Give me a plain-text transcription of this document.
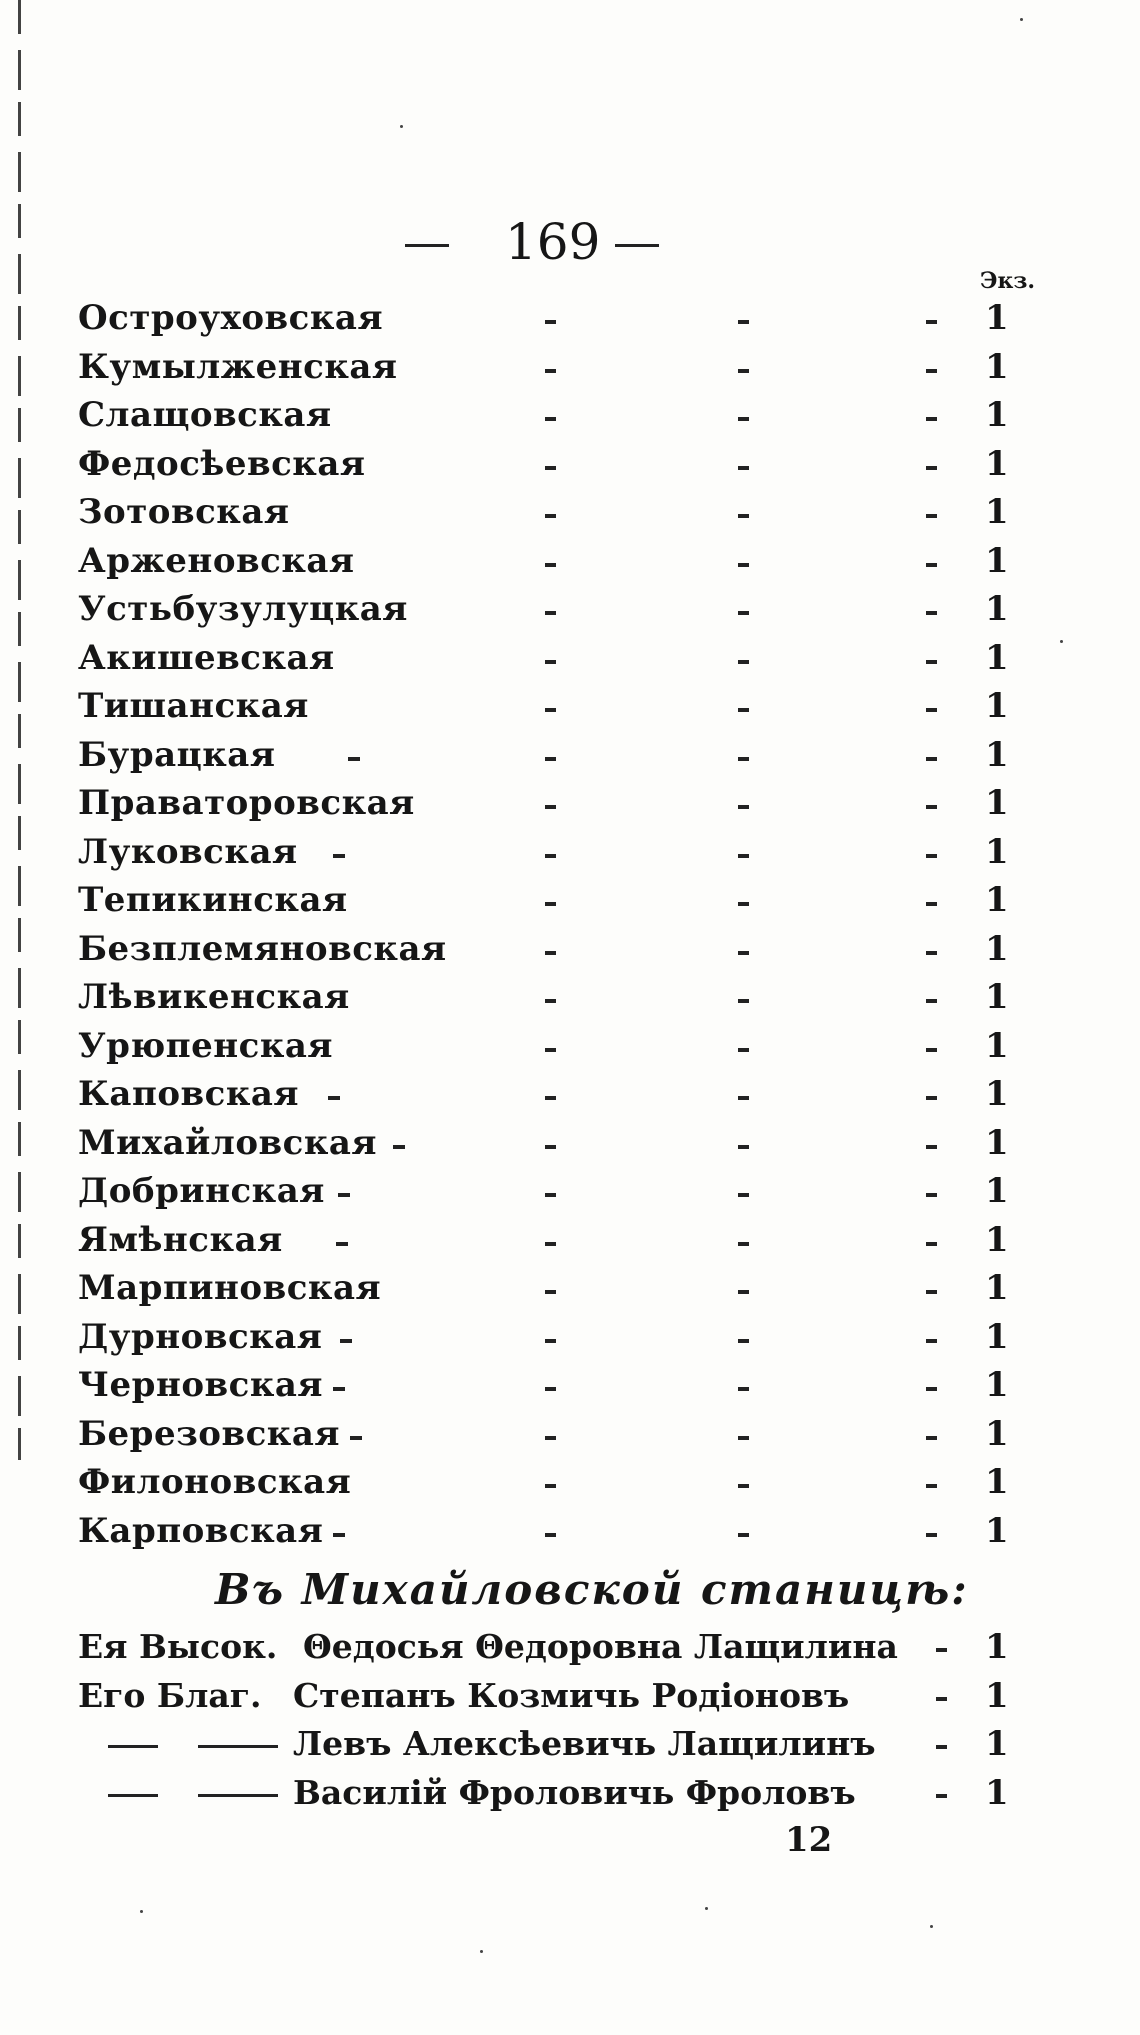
169
Экз.
Остроуховская	1
Кумылженская	1
Слащовская	1
Федосѣевская	1
Зотовская	1
Арженовская	1
Устьбузулуцкая	1
Акишевская	1
Тишанская	1
Бурацкая	1
Праваторовская	1
Луковская	1
Тепикинская	1
Безплемяновская	1
Лѣвикенская	1
Урюпенская	1
Каповская	1
Михайловская	1
Добринская	1
Ямѣнская	1
Марпиновская	1
Дурновская	1
Черновская	1
Березовская	1
Филоновская	1
Карповская	1
Въ Михайловской станицѣ:
Ея Высок. Θедосья Θедоровна Лащилина	1
Его Благ. Степанъ Козмичь Родіоновъ	1
Левъ Алексѣевичь Лащилинъ	1
Василій Фроловичь Фроловъ	1
12
